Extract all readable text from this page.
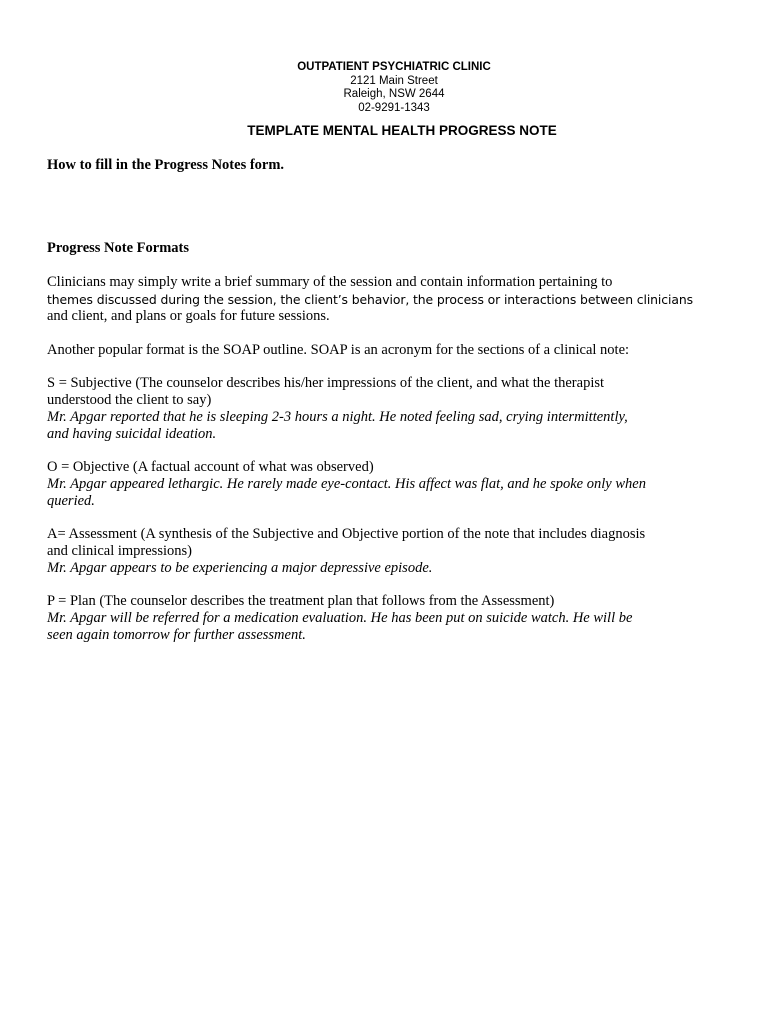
OUTPATIENT PSYCHIATRIC CLINIC
2121 Main Street
Raleigh, NSW 2644
02-9291-1343
TEMPLATE MENTAL HEALTH PROGRESS NOTE

How to fill in the Progress Notes form.

Progress Note Formats

Clinicians may simply write a brief summary of the session and contain information pertaining to
themes discussed during the session, the client’s behavior, the process or interactions between clinicians
and client, and plans or goals for future sessions.

Another popular format is the SOAP outline. SOAP is an acronym for the sections of a clinical note:

S = Subjective (The counselor describes his/her impressions of the client, and what the therapist
understood the client to say)
Mr. Apgar reported that he is sleeping 2-3 hours a night. He noted feeling sad, crying intermittently,
and having suicidal ideation.
O = Objective (A factual account of what was observed)
Mr. Apgar appeared lethargic. He rarely made eye-contact. His affect was flat, and he spoke only when
queried.
A= Assessment (A synthesis of the Subjective and Objective portion of the note that includes diagnosis
and clinical impressions)
Mr. Apgar appears to be experiencing a major depressive episode.
P = Plan (The counselor describes the treatment plan that follows from the Assessment)
Mr. Apgar will be referred for a medication evaluation. He has been put on suicide watch. He will be
seen again tomorrow for further assessment.
